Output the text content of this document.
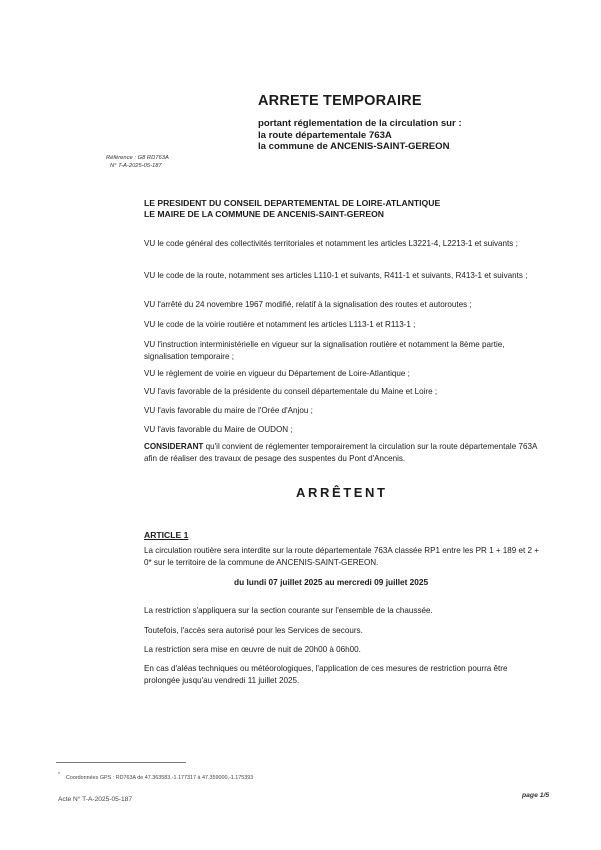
ARRETE TEMPORAIRE
portant réglementation de la circulation sur :
la route départementale 763A
la commune de ANCENIS-SAINT-GEREON
Référence : G8 RD763A
N° T-A-2025-05-187
LE PRESIDENT DU CONSEIL DEPARTEMENTAL DE LOIRE-ATLANTIQUE
LE MAIRE DE LA COMMUNE DE ANCENIS-SAINT-GEREON
VU le code général des collectivités territoriales et notamment les articles L3221-4, L2213-1 et suivants ;
VU le code de la route, notamment ses articles L110-1 et suivants, R411-1 et suivants, R413-1 et suivants ;
VU l'arrêté du 24 novembre 1967 modifié, relatif à la signalisation des routes et autoroutes ;
VU le code de la voirie routière et notamment les articles L113-1 et R113-1 ;
VU l'instruction interministérielle en vigueur sur la signalisation routière et notamment la 8ème partie, signalisation temporaire ;
VU le règlement de voirie en vigueur du Département de Loire-Atlantique ;
VU l'avis favorable de la présidente du conseil départementale du Maine et Loire ;
VU l'avis favorable du maire de l'Orée d'Anjou ;
VU l'avis favorable du Maire de OUDON ;
CONSIDERANT qu'il convient de réglementer temporairement la circulation sur la route départementale 763A afin de réaliser des travaux de pesage des suspentes du Pont d'Ancenis.
ARRÊTENT
ARTICLE 1
La circulation routière sera interdite sur la route départementale 763A classée RP1 entre les PR 1 + 189 et 2 + 0* sur le territoire de la commune de ANCENIS-SAINT-GEREON.
du lundi 07 juillet 2025 au mercredi 09 juillet 2025
La restriction s'appliquera sur la section courante sur l'ensemble de la chaussée.
Toutefois, l'accès sera autorisé pour les Services de secours.
La restriction sera mise en œuvre de nuit de 20h00 à 06h00.
En cas d'aléas techniques ou météorologiques, l'application de ces mesures de restriction pourra être prolongée jusqu'au vendredi 11 juillet 2025.
* Coordonnées GPS : RD763A de 47.363583,-1.177317 à 47.359000,-1.175393
Acte N° T-A-2025-05-187
page 1/5
